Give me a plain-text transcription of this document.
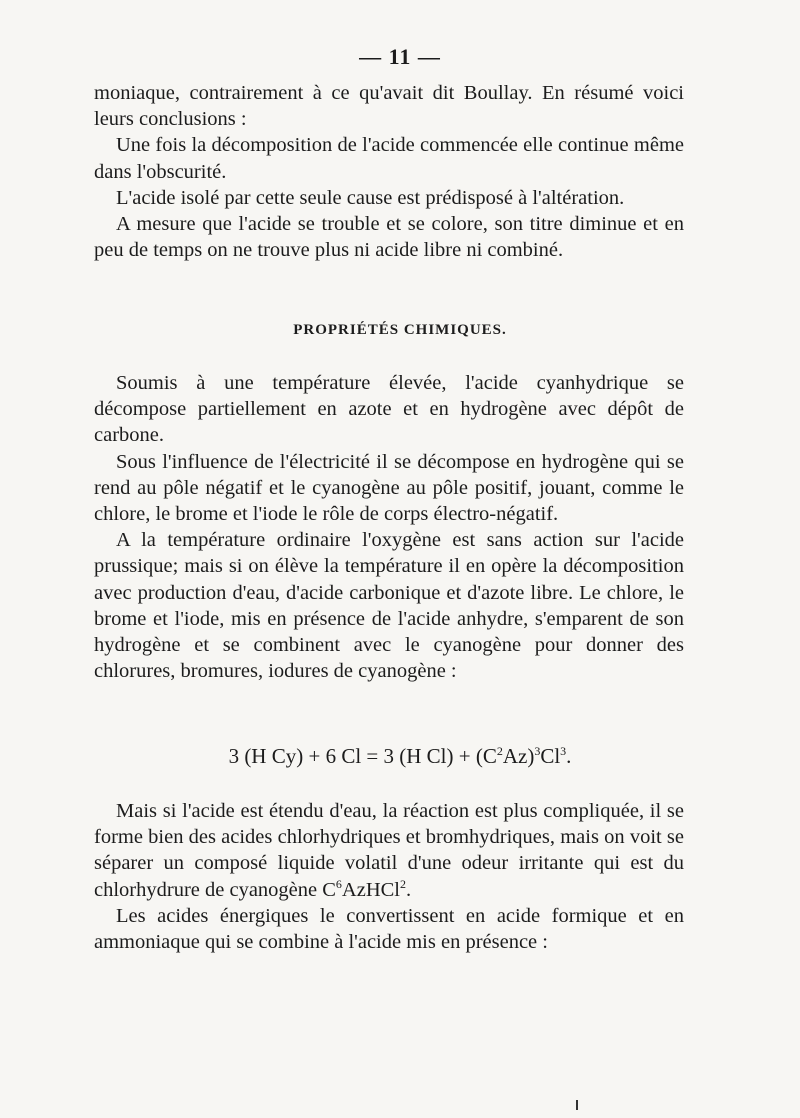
— 11 —

moniaque, contrairement à ce qu'avait dit Boullay. En résumé voici leurs conclusions :

Une fois la décomposition de l'acide commencée elle continue même dans l'obscurité.

L'acide isolé par cette seule cause est prédisposé à l'altération.

A mesure que l'acide se trouble et se colore, son titre diminue et en peu de temps on ne trouve plus ni acide libre ni combiné.

PROPRIÉTÉS CHIMIQUES.

Soumis à une température élevée, l'acide cyanhydrique se décompose partiellement en azote et en hydrogène avec dépôt de carbone.

Sous l'influence de l'électricité il se décompose en hydrogène qui se rend au pôle négatif et le cyanogène au pôle positif, jouant, comme le chlore, le brome et l'iode le rôle de corps électro-négatif.

A la température ordinaire l'oxygène est sans action sur l'acide prussique; mais si on élève la température il en opère la décomposition avec production d'eau, d'acide carbonique et d'azote libre. Le chlore, le brome et l'iode, mis en présence de l'acide anhydre, s'emparent de son hydrogène et se combinent avec le cyanogène pour donner des chlorures, bromures, iodures de cyanogène :

3 (H Cy) + 6 Cl = 3 (H $Cl) + (C^2Az)^3Cl^3$.

Mais si l'acide est étendu d'eau, la réaction est plus compliquée, il se forme bien des acides chlorhydriques et bromhydriques, mais on voit se séparer un composé liquide volatil d'une odeur irritante qui est du chlorhydrure de cyanogène $C^6AzHCl^2$.

Les acides énergiques le convertissent en acide formique et en ammoniaque qui se combine à l'acide mis en présence :
